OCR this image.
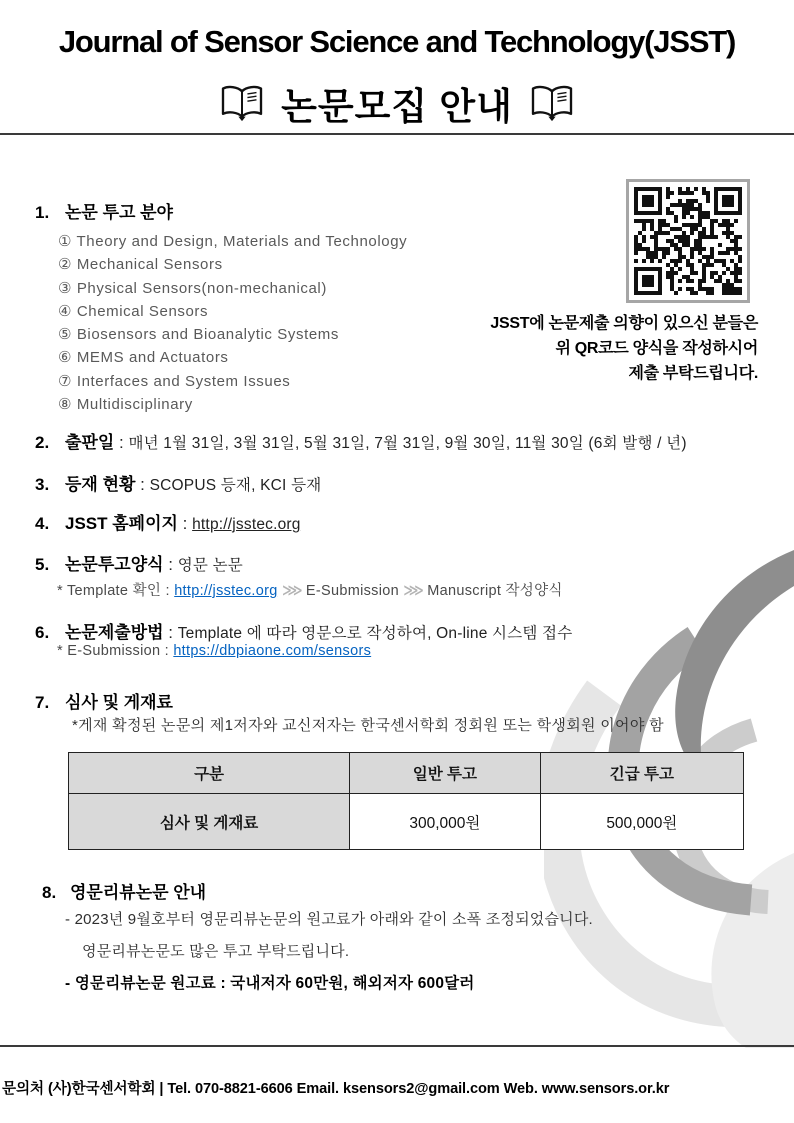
Journal of Sensor Science and Technology(JSST)
논문모집 안내
1. 논문 투고 분야
① Theory and Design, Materials and Technology
② Mechanical Sensors
③ Physical Sensors(non-mechanical)
④ Chemical Sensors
⑤ Biosensors and Bioanalytic Systems
⑥ MEMS and Actuators
⑦ Interfaces and System Issues
⑧ Multidisciplinary
JSST에 논문제출 의향이 있으신 분들은
위 QR코드 양식을 작성하시어
제출 부탁드립니다.
2. 출판일 : 매년 1월 31일, 3월 31일, 5월 31일, 7월 31일, 9월 30일, 11월 30일 (6회 발행 / 년)
3. 등재 현황 : SCOPUS 등재, KCI 등재
4. JSST 홈페이지 : http://jsstec.org
5. 논문투고양식 : 영문 논문
* Template 확인 : http://jsstec.org ⋙ E-Submission ⋙ Manuscript 작성양식
6. 논문제출방법 : Template 에 따라 영문으로 작성하여, On-line 시스템 접수
* E-Submission : https://dbpiaone.com/sensors
7. 심사 및 게재료
*게재 확정된 논문의 제1저자와 교신저자는 한국센서학회 정회원 또는 학생회원 이어야 함
구분	일반 투고	긴급 투고
심사 및 게재료	300,000원	500,000원
8. 영문리뷰논문 안내
- 2023년 9월호부터 영문리뷰논문의 원고료가 아래와 같이 소폭 조정되었습니다.
영문리뷰논문도 많은 투고 부탁드립니다.
- 영문리뷰논문 원고료 : 국내저자 60만원, 해외저자 600달러
문의처 (사)한국센서학회 | Tel. 070-8821-6606 Email. ksensors2@gmail.com Web. www.sensors.or.kr
